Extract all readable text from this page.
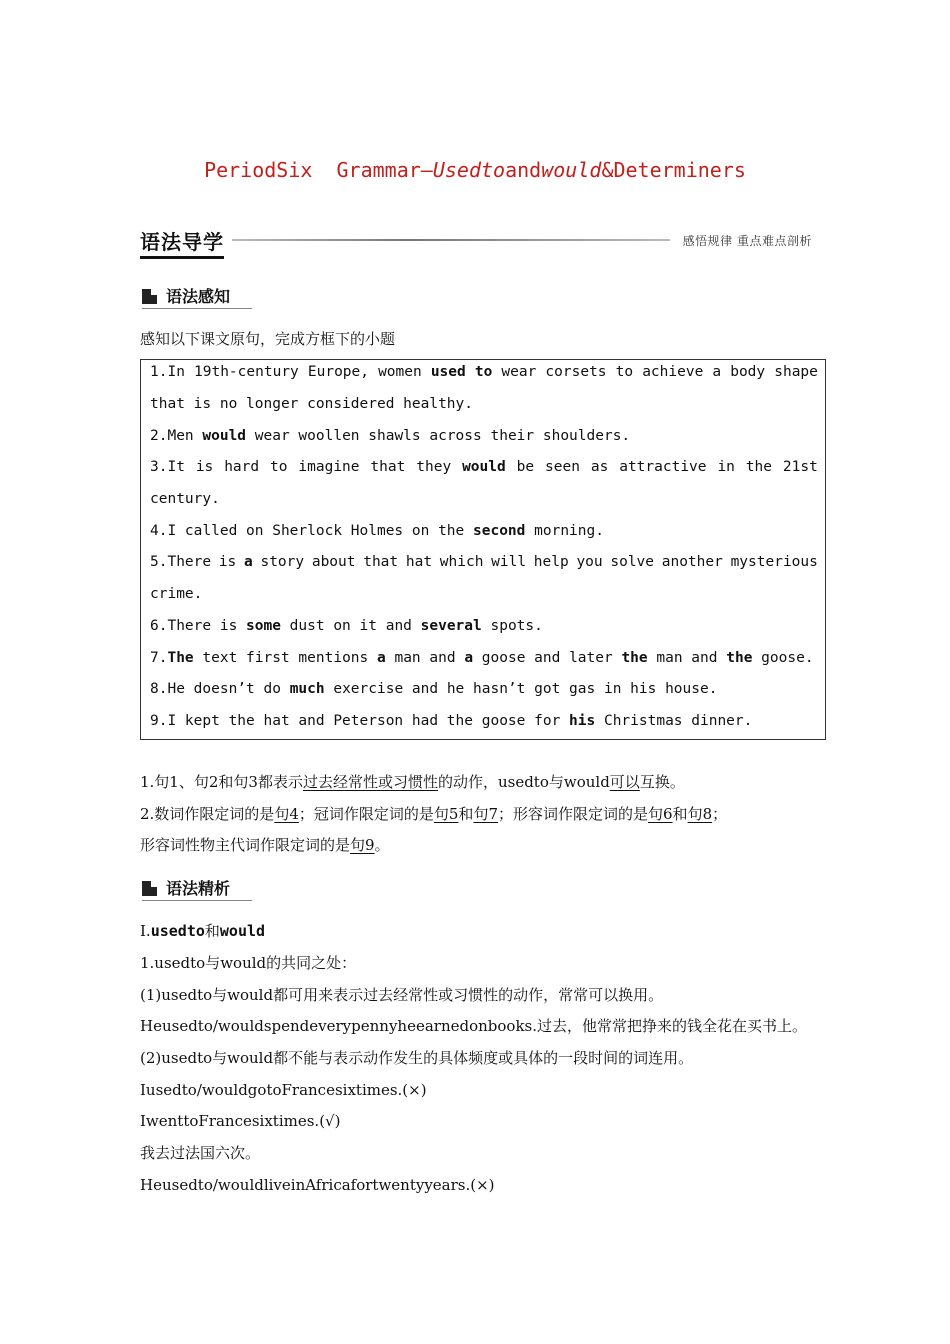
PeriodSix  Grammar—Usedtoandwould&Determiners
语法导学	感悟规律 重点难点剖析
语法感知
感知以下课文原句，完成方框下的小题
1.In 19th-century Europe, women used to wear corsets to achieve a body shape
that is no longer considered healthy.
2.Men would wear woollen shawls across their shoulders.
3.It is hard to imagine that they would be seen as attractive in the 21st
century.
4.I called on Sherlock Holmes on the second morning.
5.There is a story about that hat which will help you solve another mysterious
crime.
6.There is some dust on it and several spots.
7.The text first mentions a man and a goose and later the man and the goose.
8.He doesn’t do much exercise and he hasn’t got gas in his house.
9.I kept the hat and Peterson had the goose for his Christmas dinner.
1.句1、句2和句3都表示过去经常性或习惯性的动作，usedto与would可以互换。
2.数词作限定词的是句4；冠词作限定词的是句5和句7；形容词作限定词的是句6和句8；
形容词性物主代词作限定词的是句9。
语法精析
Ⅰ.usedto和would
1.usedto与would的共同之处：
(1)usedto与would都可用来表示过去经常性或习惯性的动作，常常可以换用。
Heusedto/wouldspendeverypennyheearnedonbooks.过去，他常常把挣来的钱全花在买书上。
(2)usedto与would都不能与表示动作发生的具体频度或具体的一段时间的词连用。
Iusedto/wouldgotoFrancesixtimes.(×)
IwenttoFrancesixtimes.(√)
我去过法国六次。
Heusedto/wouldliveinAfricafortwentyyears.(×)
